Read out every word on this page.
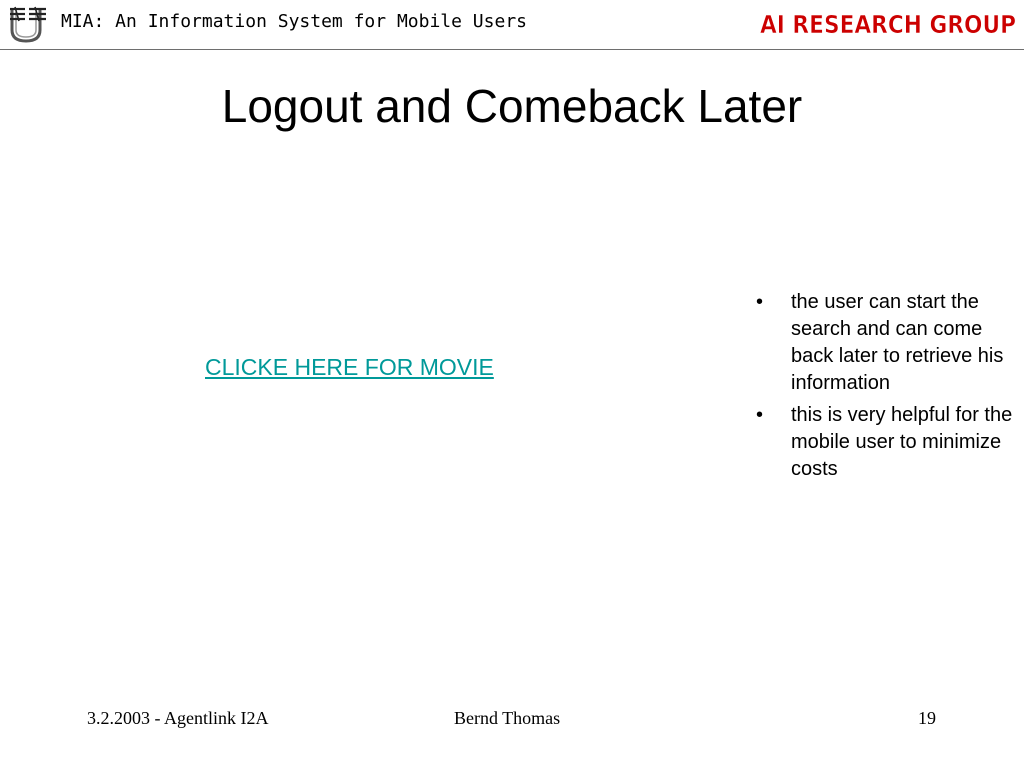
MIA: An Information System for Mobile Users	AI RESEARCH GROUP
Logout and Comeback Later
CLICKE HERE FOR MOVIE
• the user can start the search and can come back later to retrieve his information
• this is very helpful for the mobile user to minimize costs
3.2.2003 - Agentlink I2A	Bernd Thomas	19
